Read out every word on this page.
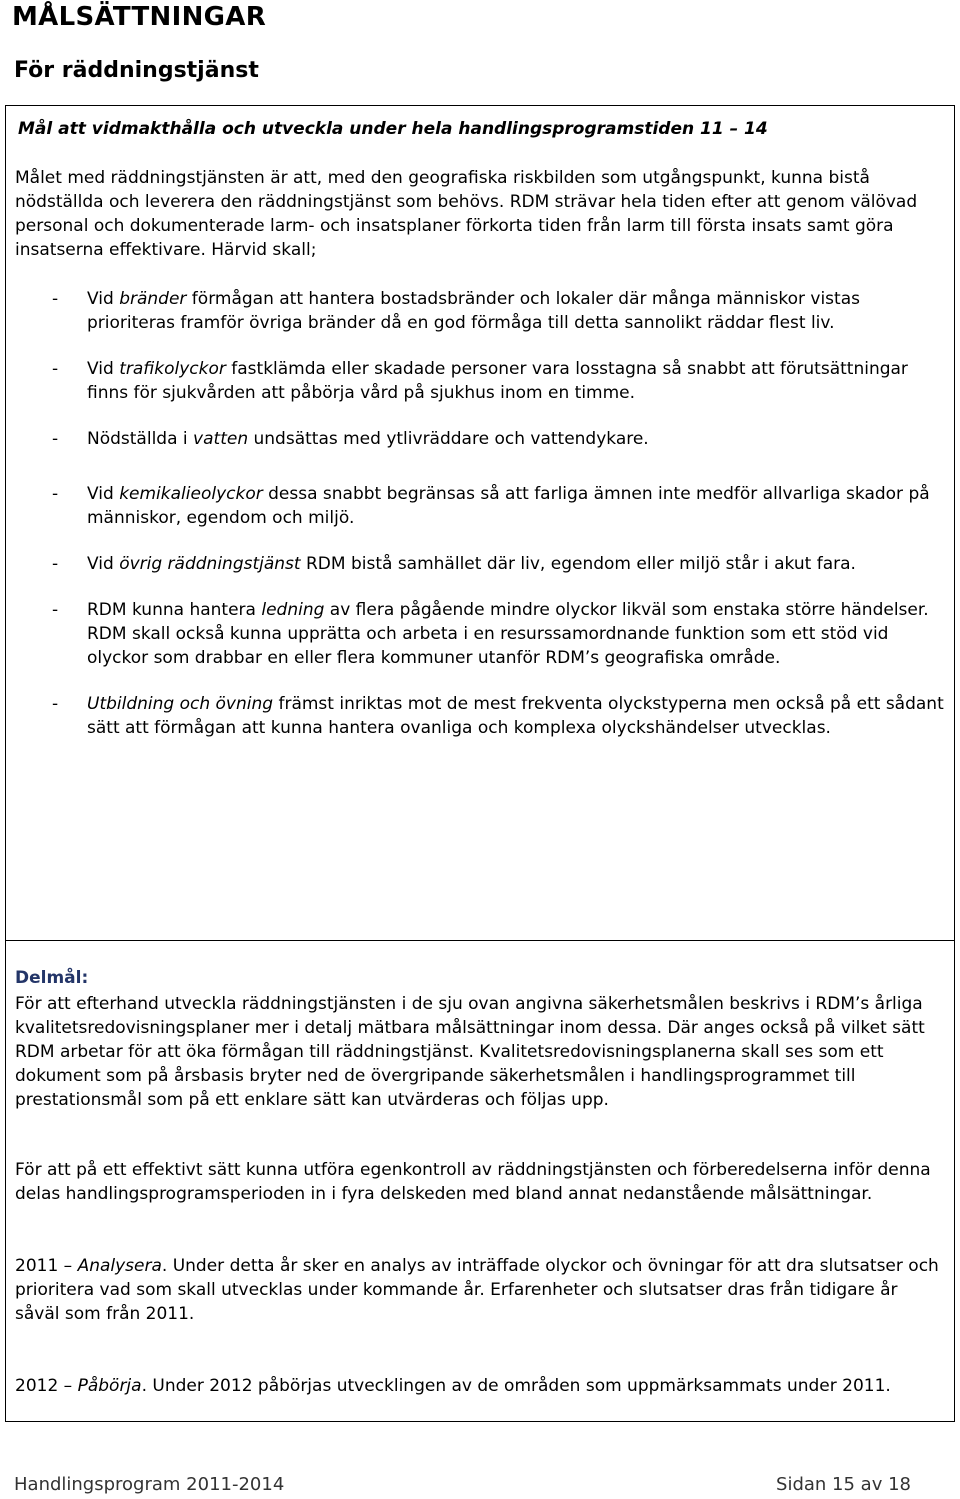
MÅLSÄTTNINGAR
För räddningstjänst

Mål att vidmakthålla och utveckla under hela handlingsprogramstiden 11 – 14

Målet med räddningstjänsten är att, med den geografiska riskbilden som utgångspunkt, kunna bistå nödställda och leverera den räddningstjänst som behövs. RDM strävar hela tiden efter att genom välövad personal och dokumenterade larm- och insatsplaner förkorta tiden från larm till första insats samt göra insatserna effektivare. Härvid skall;

- Vid bränder förmågan att hantera bostadsbränder och lokaler där många människor vistas prioriteras framför övriga bränder då en god förmåga till detta sannolikt räddar flest liv.
- Vid trafikolyckor fastklämda eller skadade personer vara losstagna så snabbt att förutsättningar finns för sjukvården att påbörja vård på sjukhus inom en timme.
- Nödställda i vatten undsättas med ytlivräddare och vattendykare.
- Vid kemikalieolyckor dessa snabbt begränsas så att farliga ämnen inte medför allvarliga skador på människor, egendom och miljö.
- Vid övrig räddningstjänst RDM bistå samhället där liv, egendom eller miljö står i akut fara.
- RDM kunna hantera ledning av flera pågående mindre olyckor likväl som enstaka större händelser. RDM skall också kunna upprätta och arbeta i en resurssamordnande funktion som ett stöd vid olyckor som drabbar en eller flera kommuner utanför RDM’s geografiska område.
- Utbildning och övning främst inriktas mot de mest frekventa olyckstyperna men också på ett sådant sätt att förmågan att kunna hantera ovanliga och komplexa olyckshändelser utvecklas.

Delmål:

För att efterhand utveckla räddningstjänsten i de sju ovan angivna säkerhetsmålen beskrivs i RDM’s årliga kvalitetsredovisningsplaner mer i detalj mätbara målsättningar inom dessa. Där anges också på vilket sätt RDM arbetar för att öka förmågan till räddningstjänst. Kvalitetsredovisningsplanerna skall ses som ett dokument som på årsbasis bryter ned de övergripande säkerhetsmålen i handlingsprogrammet till prestationsmål som på ett enklare sätt kan utvärderas och följas upp.

För att på ett effektivt sätt kunna utföra egenkontroll av räddningstjänsten och förberedelserna inför denna delas handlingsprogramsperioden in i fyra delskeden med bland annat nedanstående målsättningar.

2011 – Analysera. Under detta år sker en analys av inträffade olyckor och övningar för att dra slutsatser och prioritera vad som skall utvecklas under kommande år. Erfarenheter och slutsatser dras från tidigare år såväl som från 2011.

2012 – Påbörja. Under 2012 påbörjas utvecklingen av de områden som uppmärksammats under 2011.

Handlingsprogram 2011-2014	Sidan 15 av 18
